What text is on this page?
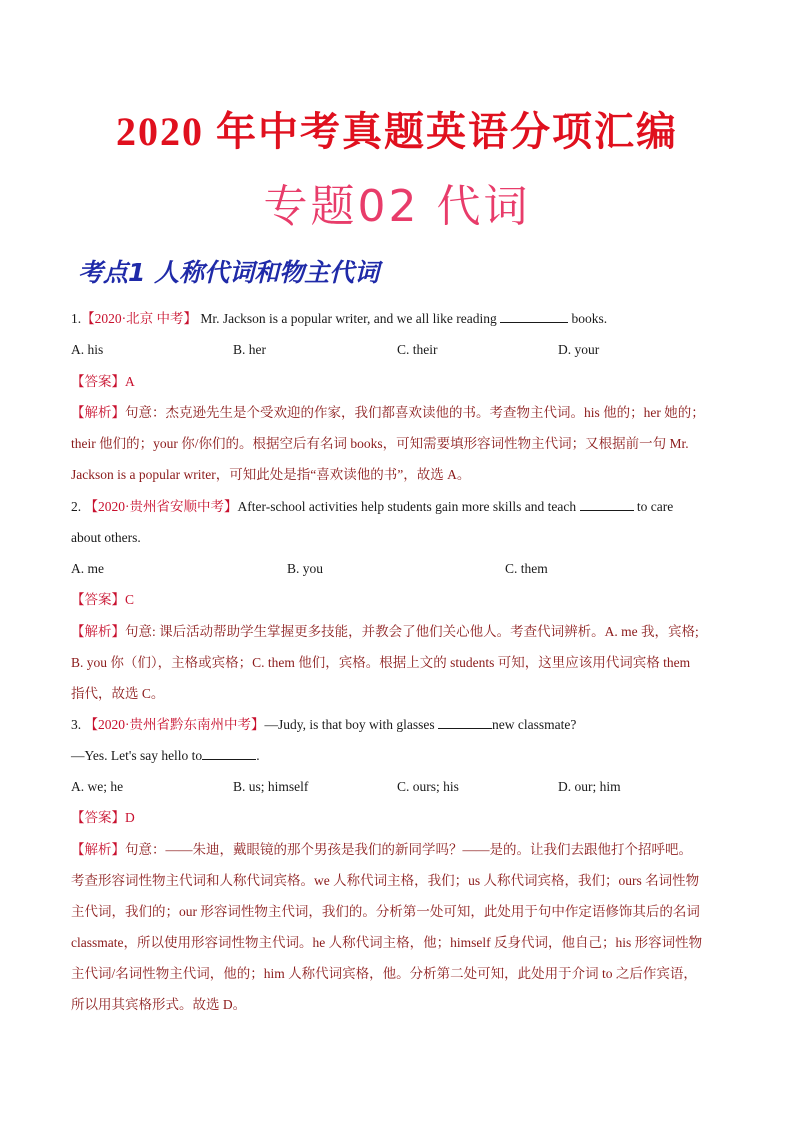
2020 年中考真题英语分项汇编
专题02 代词
考点1 人称代词和物主代词
1.【2020·北京 中考】 Mr. Jackson is a popular writer, and we all like reading	books.
A. his	B. her	C. their	D. your
【答案】A
【解析】句意：杰克逊先生是个受欢迎的作家，我们都喜欢读他的书。考查物主代词。his 他的；her 她的；
their 他们的；your 你/你们的。根据空后有名词 books，可知需要填形容词性物主代词；又根据前一句 Mr.
Jackson is a popular writer，可知此处是指“喜欢读他的书”，故选 A。
2. 【2020·贵州省安顺中考】After-school activities help students gain more skills and teach	to care
about others.
A. me	B. you	C. them
【答案】C
【解析】句意: 课后活动帮助学生掌握更多技能，并教会了他们关心他人。考查代词辨析。A. me 我，宾格;
B. you 你（们），主格或宾格；C. them 他们，宾格。根据上文的 students 可知，这里应该用代词宾格 them
指代，故选 C。
3. 【2020·贵州省黔东南州中考】—Judy, is that boy with glasses	new classmate?
—Yes. Let's say hello to	.
A. we; he	B. us; himself	C. ours; his	D. our; him
【答案】D
【解析】句意：——朱迪，戴眼镜的那个男孩是我们的新同学吗？——是的。让我们去跟他打个招呼吧。
考查形容词性物主代词和人称代词宾格。we 人称代词主格，我们；us 人称代词宾格，我们；ours 名词性物
主代词，我们的；our 形容词性物主代词，我们的。分析第一处可知，此处用于句中作定语修饰其后的名词
classmate，所以使用形容词性物主代词。he 人称代词主格，他；himself 反身代词，他自己；his 形容词性物
主代词/名词性物主代词，他的；him 人称代词宾格，他。分析第二处可知，此处用于介词 to 之后作宾语，
所以用其宾格形式。故选 D。
